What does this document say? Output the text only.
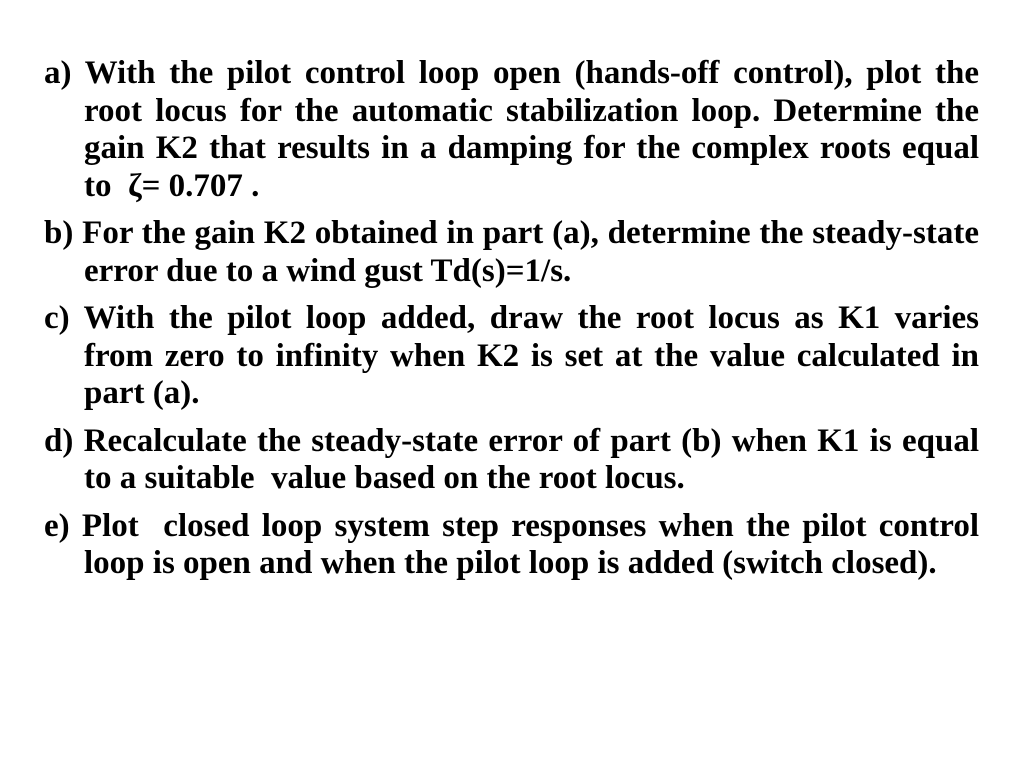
a) With the pilot control loop open (hands-off control), plot the root locus for the automatic stabilization loop. Determine the gain K2 that results in a damping for the complex roots equal to  ζ= 0.707 .
b) For the gain K2 obtained in part (a), determine the steady-state error due to a wind gust Td(s)=1/s.
c) With the pilot loop added, draw the root locus as K1 varies from zero to infinity when K2 is set at the value calculated in part (a).
d) Recalculate the steady-state error of part (b) when K1 is equal to a suitable  value based on the root locus.
e) Plot  closed loop system step responses when the pilot control loop is open and when the pilot loop is added (switch closed).
